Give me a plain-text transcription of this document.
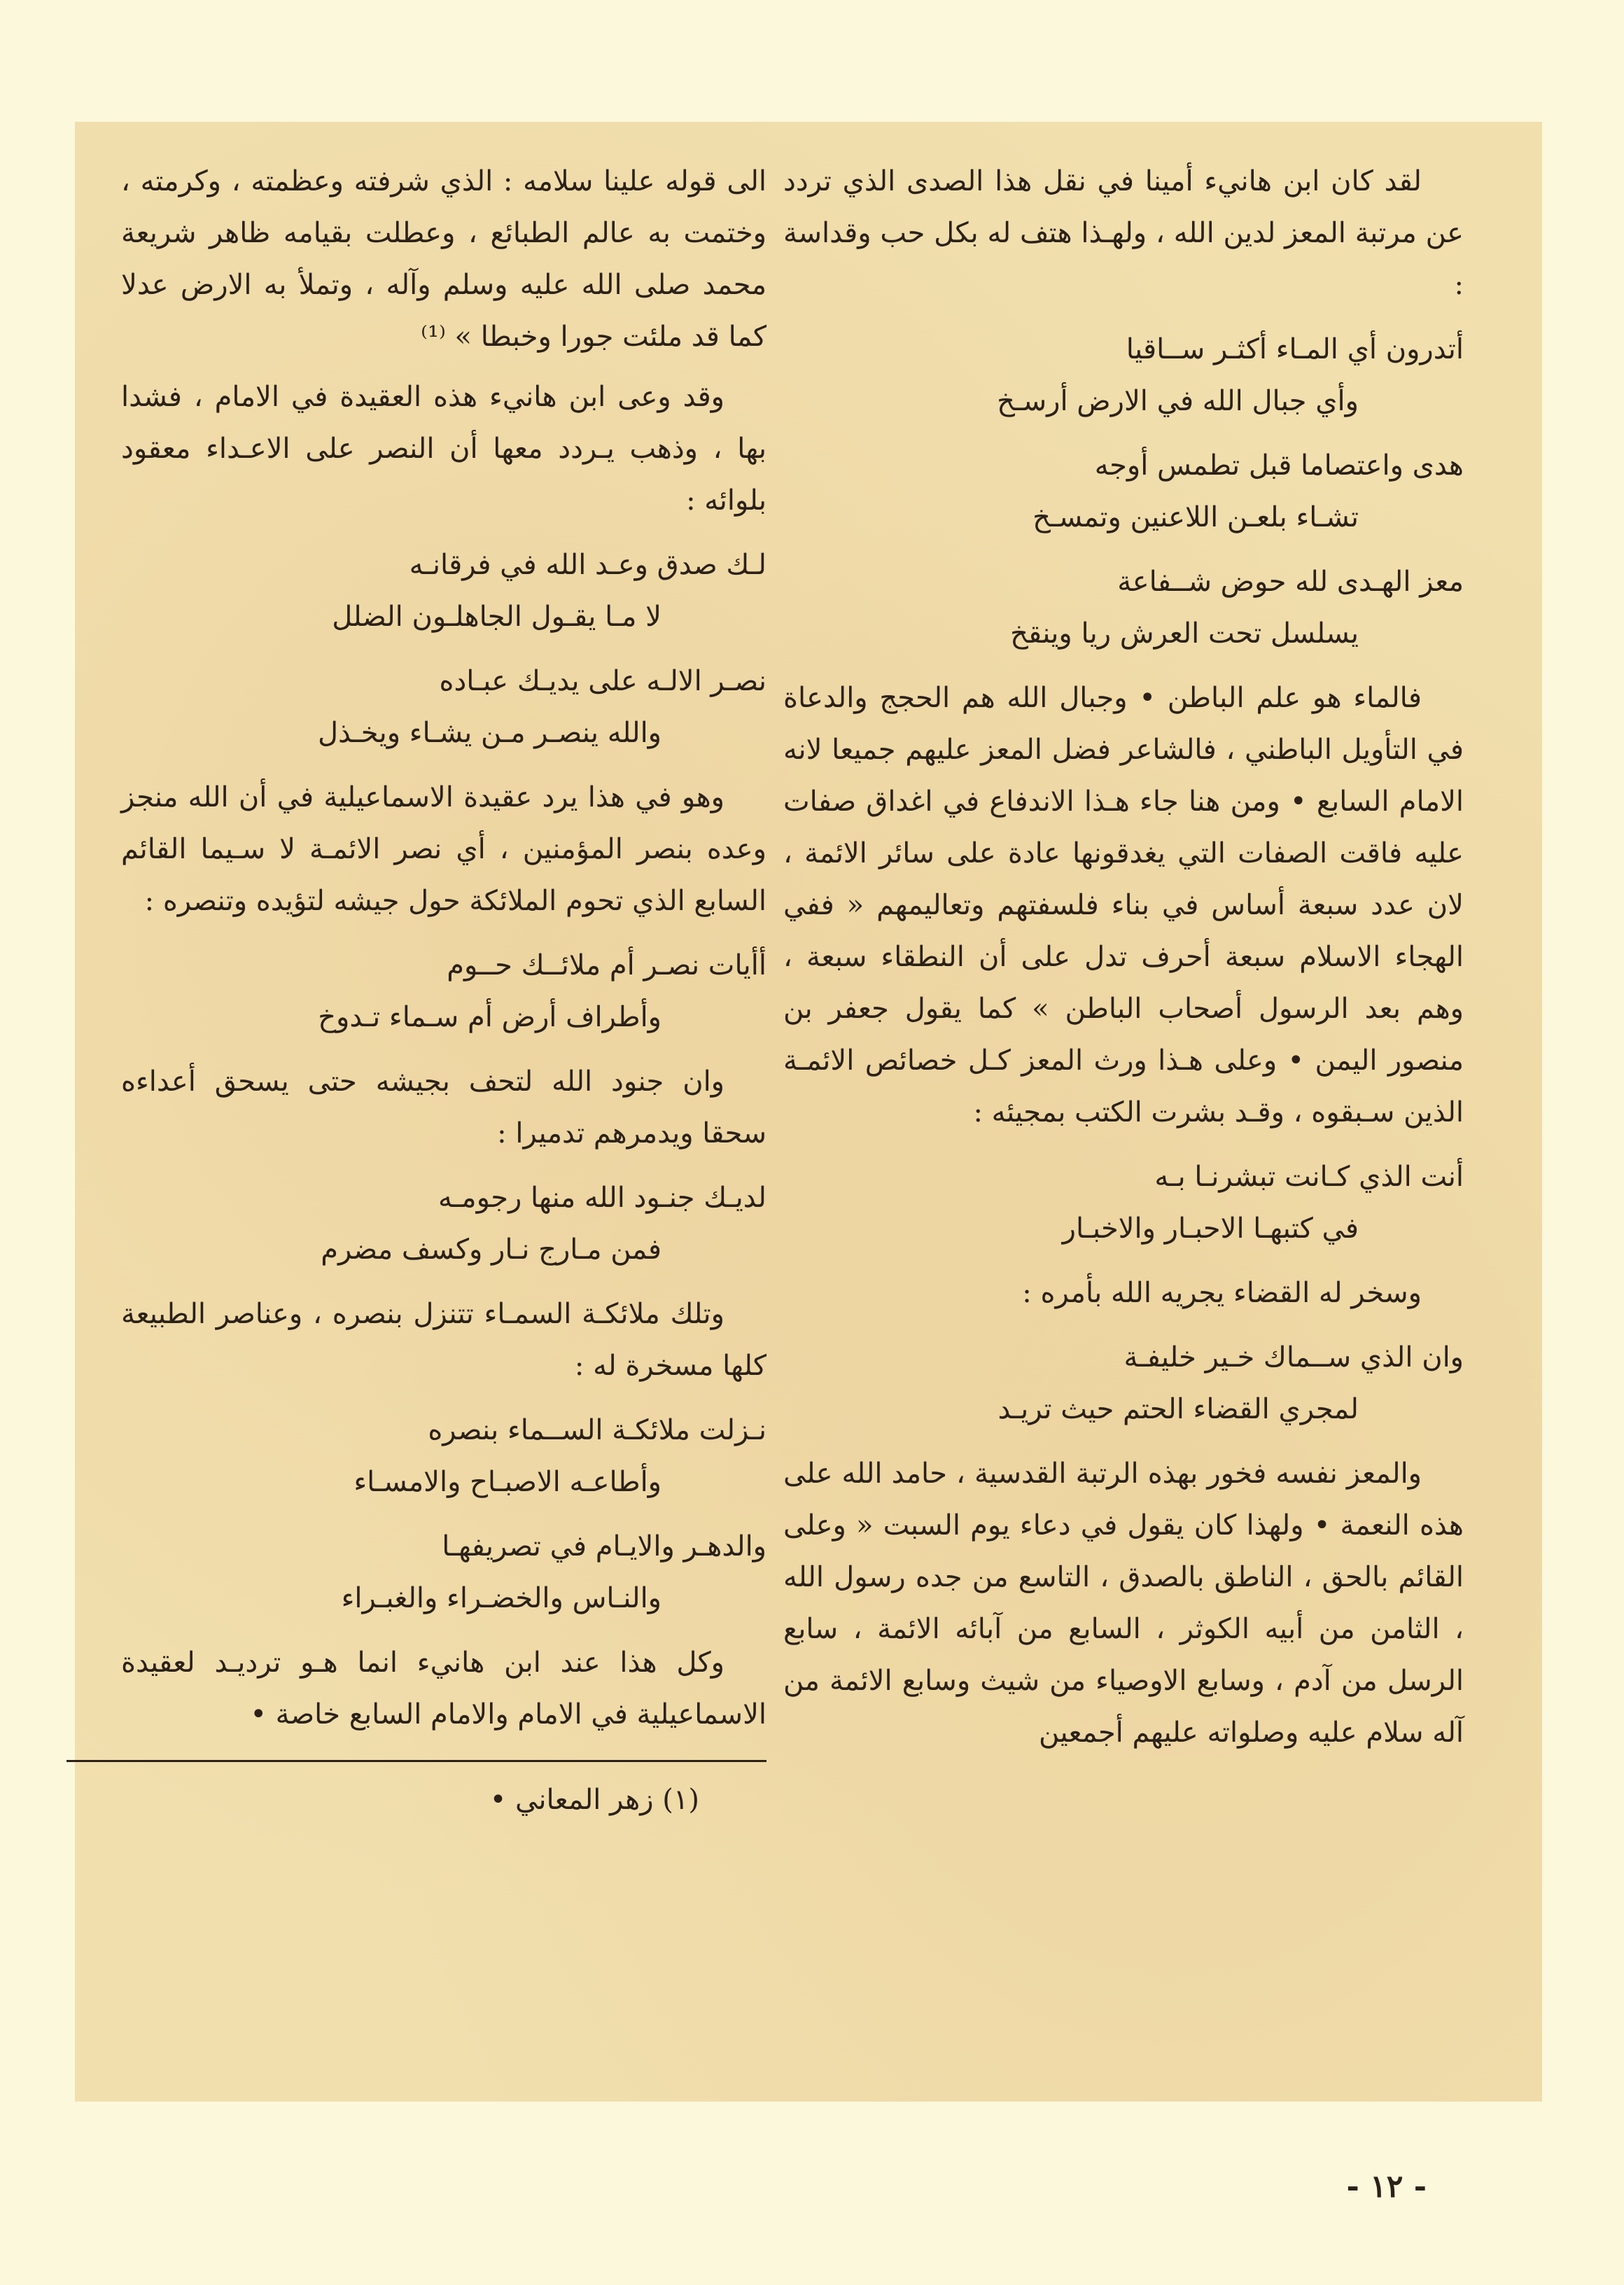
لقد كان ابن هانيء أمينا في نقل هذا الصدى الذي تردد عن مرتبة المعز لدين الله ، ولهـذا هتف له بكل حب وقداسة :

أتدرون أي المـاء أكثـر ســاقيا
وأي جبال الله في الارض أرسـخ
هدى واعتصاما قبل تطمس أوجه
تشـاء بلعـن اللاعنين وتمسـخ
معز الهـدى لله حوض شــفاعة
يسلسل تحت العرش ريا وينقخ

فالماء هو علم الباطن • وجبال الله هم الحجج والدعاة في التأويل الباطني ، فالشاعر فضل المعز عليهم جميعا لانه الامام السابع • ومن هنا جاء هـذا الاندفاع في اغداق صفات عليه فاقت الصفات التي يغدقونها عادة على سائر الائمة ، لان عدد سبعة أساس في بناء فلسفتهم وتعاليمهم « ففي الهجاء الاسلام سبعة أحرف تدل على أن النطقاء سبعة ، وهم بعد الرسول أصحاب الباطن » كما يقول جعفر بن منصور اليمن • وعلى هـذا ورث المعز كـل خصائص الائمـة الذين سـبقوه ، وقـد بشرت الكتب بمجيئه :

أنت الذي كـانت تبشرنـا بـه
في كتبهـا الاحبـار والاخبـار

وسخر له القضاء يجريه الله بأمره :

وان الذي ســماك خـير خليفـة
لمجري القضاء الحتم حيث تريـد

والمعز نفسه فخور بهذه الرتبة القدسية ، حامد الله على هذه النعمة • ولهذا كان يقول في دعاء يوم السبت « وعلى القائم بالحق ، الناطق بالصدق ، التاسع من جده رسول الله ، الثامن من أبيه الكوثر ، السابع من آبائه الائمة ، سابع الرسل من آدم ، وسابع الاوصياء من شيث وسابع الائمة من آله سلام عليه وصلواته عليهم أجمعين

الى قوله علينا سلامه : الذي شرفته وعظمته ، وكرمته ، وختمت به عالم الطبائع ، وعطلت بقيامه ظاهر شريعة محمد صلى الله عليه وسلم وآله ، وتملأ به الارض عدلا كما قد ملئت جورا وخبطا » ⁽¹⁾

وقد وعى ابن هانيء هذه العقيدة في الامام ، فشدا بها ، وذهب يـردد معها أن النصر على الاعـداء معقود بلوائه :

لـك صدق وعـد الله في فرقانـه
لا مـا يقـول الجاهلـون الضلل
نصـر الالـه على يديـك عبـاده
والله ينصـر مـن يشـاء ويخـذل

وهو في هذا يرد عقيدة الاسماعيلية في أن الله منجز وعده بنصر المؤمنين ، أي نصر الائمـة لا سـيما القائم السابع الذي تحوم الملائكة حول جيشه لتؤيده وتنصره :

أأيات نصـر أم ملائــك حــوم
وأطراف أرض أم سـماء تـدوخ

وان جنود الله لتحف بجيشه حتى يسحق أعداءه سحقا ويدمرهم تدميرا :

لديـك جنـود الله منها رجومـه
فمن مـارج نـار وكسف مضرم

وتلك ملائكـة السمـاء تتنزل بنصره ، وعناصر الطبيعة كلها مسخرة له :

نـزلت ملائكـة الســماء بنصره
وأطاعـه الاصبـاح والامسـاء
والدهـر والايـام في تصريفهـا
والنـاس والخضـراء والغبـراء

وكل هذا عند ابن هانيء انما هـو ترديـد لعقيدة الاسماعيلية في الامام والامام السابع خاصة •

(١) زهر المعاني •
- ١٢ -
